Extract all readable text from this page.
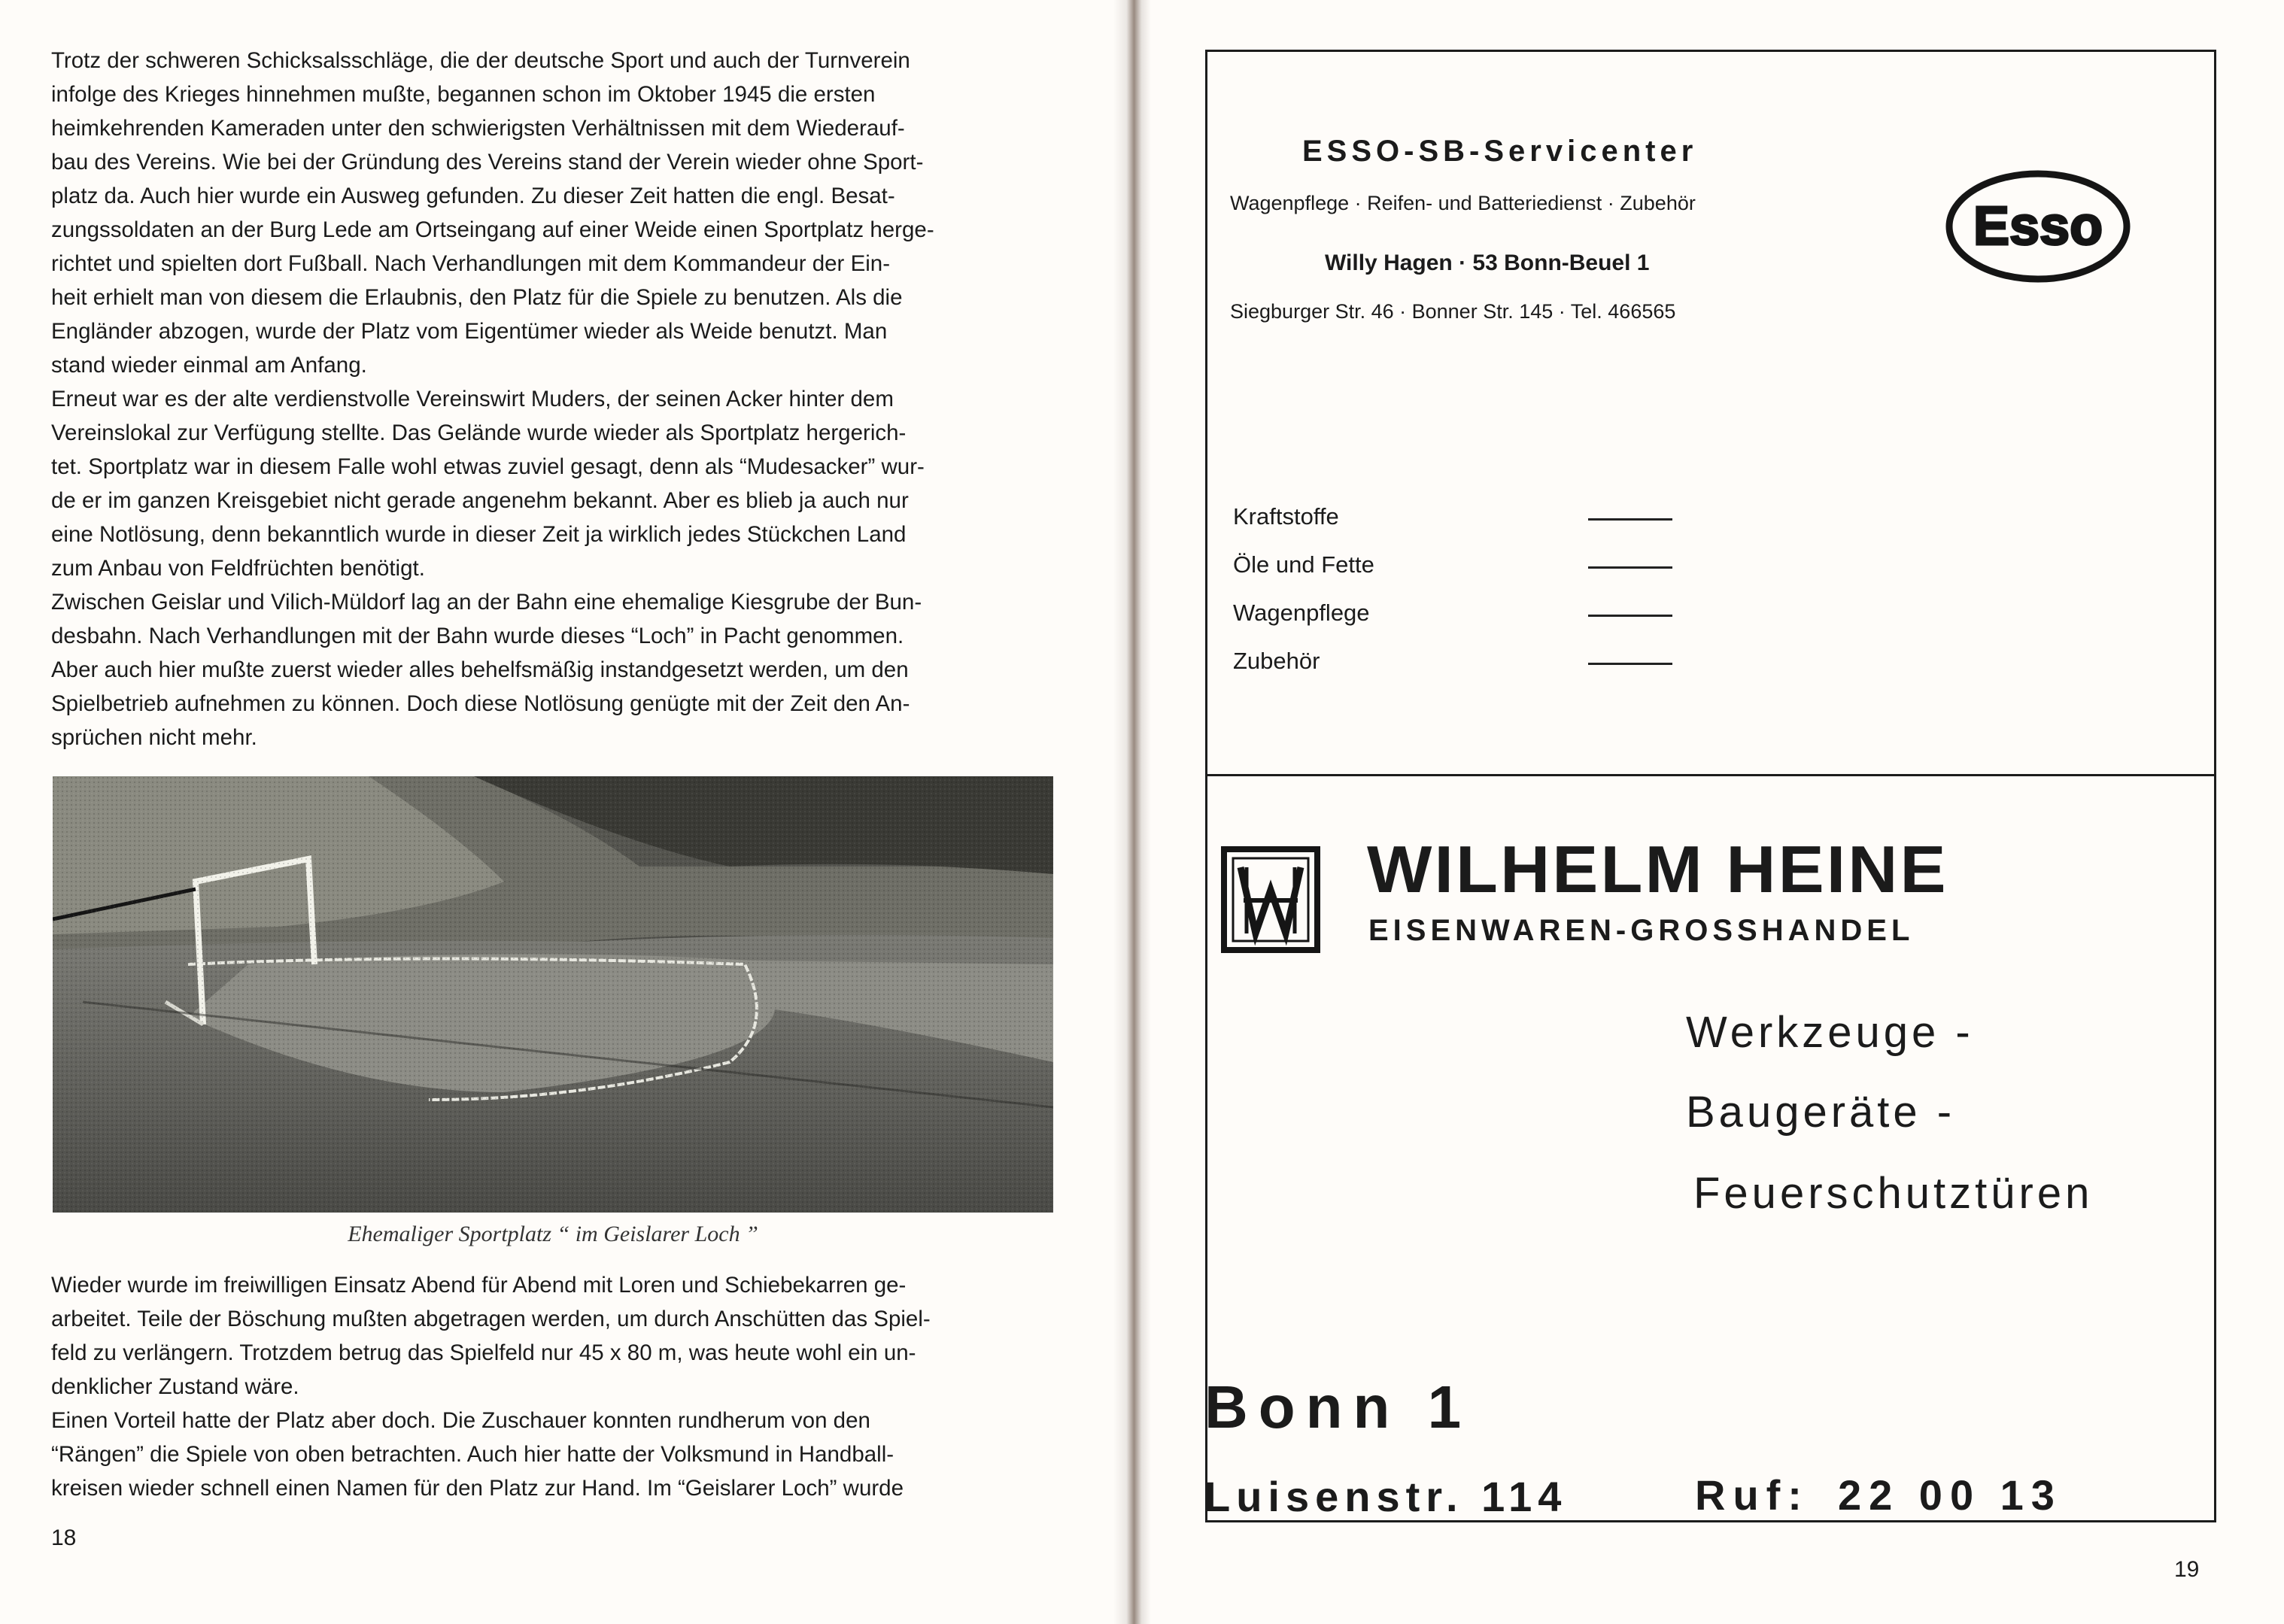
Trotz der schweren Schicksalsschläge, die der deutsche Sport und auch der Turnverein
infolge des Krieges hinnehmen mußte, begannen schon im Oktober 1945 die ersten
heimkehrenden Kameraden unter den schwierigsten Verhältnissen mit dem Wiederauf-
bau des Vereins. Wie bei der Gründung des Vereins stand der Verein wieder ohne Sport-
platz da. Auch hier wurde ein Ausweg gefunden. Zu dieser Zeit hatten die engl. Besat-
zungssoldaten an der Burg Lede am Ortseingang auf einer Weide einen Sportplatz herge-
richtet und spielten dort Fußball. Nach Verhandlungen mit dem Kommandeur der Ein-
heit erhielt man von diesem die Erlaubnis, den Platz für die Spiele zu benutzen. Als die
Engländer abzogen, wurde der Platz vom Eigentümer wieder als Weide benutzt. Man
stand wieder einmal am Anfang.

Erneut war es der alte verdienstvolle Vereinswirt Muders, der seinen Acker hinter dem
Vereinslokal zur Verfügung stellte. Das Gelände wurde wieder als Sportplatz hergerich-
tet. Sportplatz war in diesem Falle wohl etwas zuviel gesagt, denn als “Mudesacker” wur-
de er im ganzen Kreisgebiet nicht gerade angenehm bekannt. Aber es blieb ja auch nur
eine Notlösung, denn bekanntlich wurde in dieser Zeit ja wirklich jedes Stückchen Land
zum Anbau von Feldfrüchten benötigt.

Zwischen Geislar und Vilich-Müldorf lag an der Bahn eine ehemalige Kiesgrube der Bun-
desbahn. Nach Verhandlungen mit der Bahn wurde dieses “Loch” in Pacht genommen.
Aber auch hier mußte zuerst wieder alles behelfsmäßig instandgesetzt werden, um den
Spielbetrieb aufnehmen zu können. Doch diese Notlösung genügte mit der Zeit den An-
sprüchen nicht mehr.

Ehemaliger Sportplatz “ im Geislarer Loch ”

Wieder wurde im freiwilligen Einsatz Abend für Abend mit Loren und Schiebekarren ge-
arbeitet. Teile der Böschung mußten abgetragen werden, um durch Anschütten das Spiel-
feld zu verlängern. Trotzdem betrug das Spielfeld nur 45 x 80 m, was heute wohl ein un-
denklicher Zustand wäre.

Einen Vorteil hatte der Platz aber doch. Die Zuschauer konnten rundherum von den
“Rängen” die Spiele von oben betrachten. Auch hier hatte der Volksmund in Handball-
kreisen wieder schnell einen Namen für den Platz zur Hand. Im “Geislarer Loch” wurde

18
ESSO-SB-Servicenter
Wagenpflege · Reifen- und Batteriedienst · Zubehör
Willy Hagen · 53 Bonn-Beuel 1
Siegburger Str. 46 · Bonner Str. 145 · Tel. 466565
Esso
Kraftstoffe
Öle und Fette
Wagenpflege
Zubehör
WILHELM HEINE
EISENWAREN-GROSSHANDEL
Werkzeuge -
Baugeräte -
Feuerschutztüren
Bonn 1
Luisenstr. 114	Ruf: 22 00 13
19
